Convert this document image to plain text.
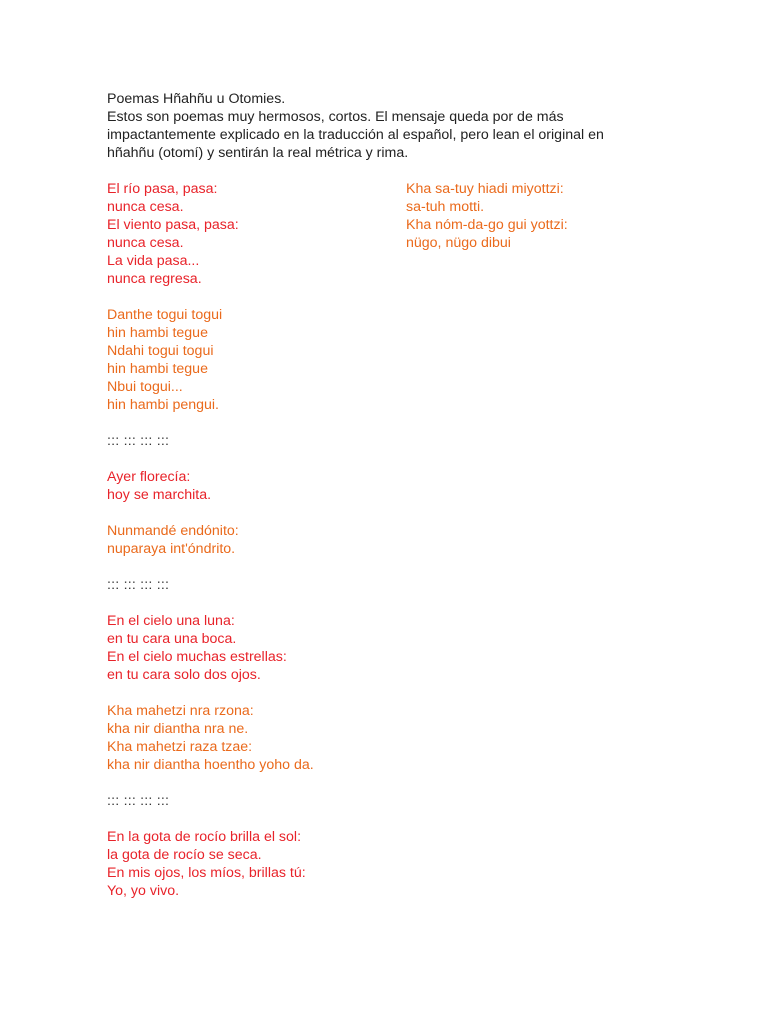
Poemas Hñahñu u Otomies.
Estos son poemas muy hermosos, cortos. El mensaje queda por de más
impactantemente explicado en la traducción al español, pero lean el original en
hñahñu (otomí) y sentirán la real métrica y rima.
El río pasa, pasa:
nunca cesa.
El viento pasa, pasa:
nunca cesa.
La vida pasa...
nunca regresa.
Danthe togui togui
hin hambi tegue
Ndahi togui togui
hin hambi tegue
Nbui togui...
hin hambi pengui.
::: ::: ::: :::
Ayer florecía:
hoy se marchita.
Nunmandé endónito:
nuparaya int'óndrito.
::: ::: ::: :::
En el cielo una luna:
en tu cara una boca.
En el cielo muchas estrellas:
en tu cara solo dos ojos.
Kha mahetzi nra rzona:
kha nir diantha nra ne.
Kha mahetzi raza tzae:
kha nir diantha hoentho yoho da.
::: ::: ::: :::
En la gota de rocío brilla el sol:
la gota de rocío se seca.
En mis ojos, los míos, brillas tú:
Yo, yo vivo.
Kha sa-tuy hiadi miyottzi:
sa-tuh motti.
Kha nóm-da-go gui yottzi:
nügo, nügo dibui
